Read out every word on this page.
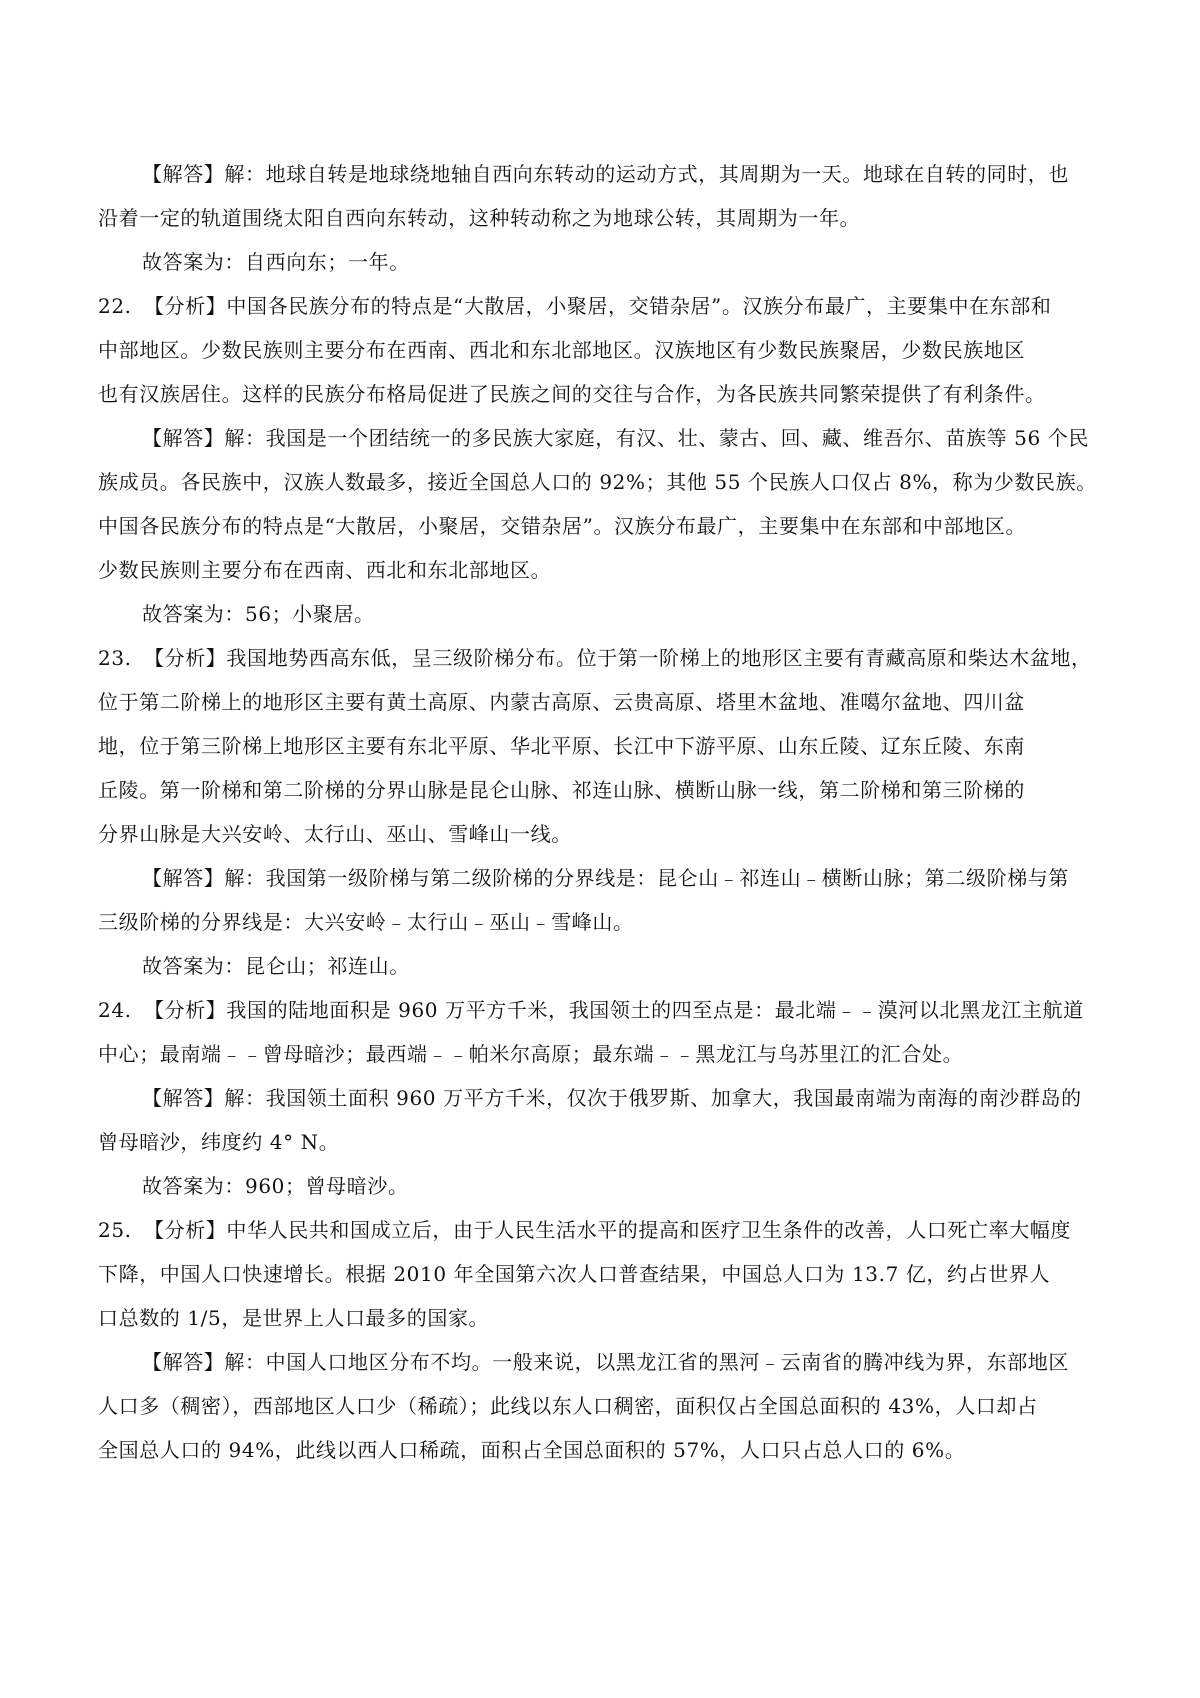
【解答】解：地球自转是地球绕地轴自西向东转动的运动方式，其周期为一天。地球在自转的同时，也
沿着一定的轨道围绕太阳自西向东转动，这种转动称之为地球公转，其周期为一年。
故答案为：自西向东；一年。
22. 【分析】中国各民族分布的特点是“大散居，小聚居，交错杂居”。汉族分布最广，主要集中在东部和
中部地区。少数民族则主要分布在西南、西北和东北部地区。汉族地区有少数民族聚居，少数民族地区
也有汉族居住。这样的民族分布格局促进了民族之间的交往与合作，为各民族共同繁荣提供了有利条件。
【解答】解：我国是一个团结统一的多民族大家庭，有汉、壮、蒙古、回、藏、维吾尔、苗族等 56 个民
族成员。各民族中，汉族人数最多，接近全国总人口的 92%；其他 55 个民族人口仅占 8%，称为少数民族。
中国各民族分布的特点是“大散居，小聚居，交错杂居”。汉族分布最广，主要集中在东部和中部地区。
少数民族则主要分布在西南、西北和东北部地区。
故答案为：56；小聚居。
23. 【分析】我国地势西高东低，呈三级阶梯分布。位于第一阶梯上的地形区主要有青藏高原和柴达木盆地，
位于第二阶梯上的地形区主要有黄土高原、内蒙古高原、云贵高原、塔里木盆地、准噶尔盆地、四川盆
地，位于第三阶梯上地形区主要有东北平原、华北平原、长江中下游平原、山东丘陵、辽东丘陵、东南
丘陵。第一阶梯和第二阶梯的分界山脉是昆仑山脉、祁连山脉、横断山脉一线，第二阶梯和第三阶梯的
分界山脉是大兴安岭、太行山、巫山、雪峰山一线。
【解答】解：我国第一级阶梯与第二级阶梯的分界线是：昆仑山﹣祁连山﹣横断山脉；第二级阶梯与第
三级阶梯的分界线是：大兴安岭﹣太行山﹣巫山﹣雪峰山。
故答案为：昆仑山；祁连山。
24. 【分析】我国的陆地面积是 960 万平方千米，我国领土的四至点是：最北端﹣﹣漠河以北黑龙江主航道
中心；最南端﹣﹣曾母暗沙；最西端﹣﹣帕米尔高原；最东端﹣﹣黑龙江与乌苏里江的汇合处。
【解答】解：我国领土面积 960 万平方千米，仅次于俄罗斯、加拿大，我国最南端为南海的南沙群岛的
曾母暗沙，纬度约 4° N。
故答案为：960；曾母暗沙。
25. 【分析】中华人民共和国成立后，由于人民生活水平的提高和医疗卫生条件的改善，人口死亡率大幅度
下降，中国人口快速增长。根据 2010 年全国第六次人口普查结果，中国总人口为 13.7 亿，约占世界人
口总数的 1/5，是世界上人口最多的国家。
【解答】解：中国人口地区分布不均。一般来说，以黑龙江省的黑河﹣云南省的腾冲线为界，东部地区
人口多（稠密），西部地区人口少（稀疏）；此线以东人口稠密，面积仅占全国总面积的 43%，人口却占
全国总人口的 94%，此线以西人口稀疏，面积占全国总面积的 57%，人口只占总人口的 6%。
